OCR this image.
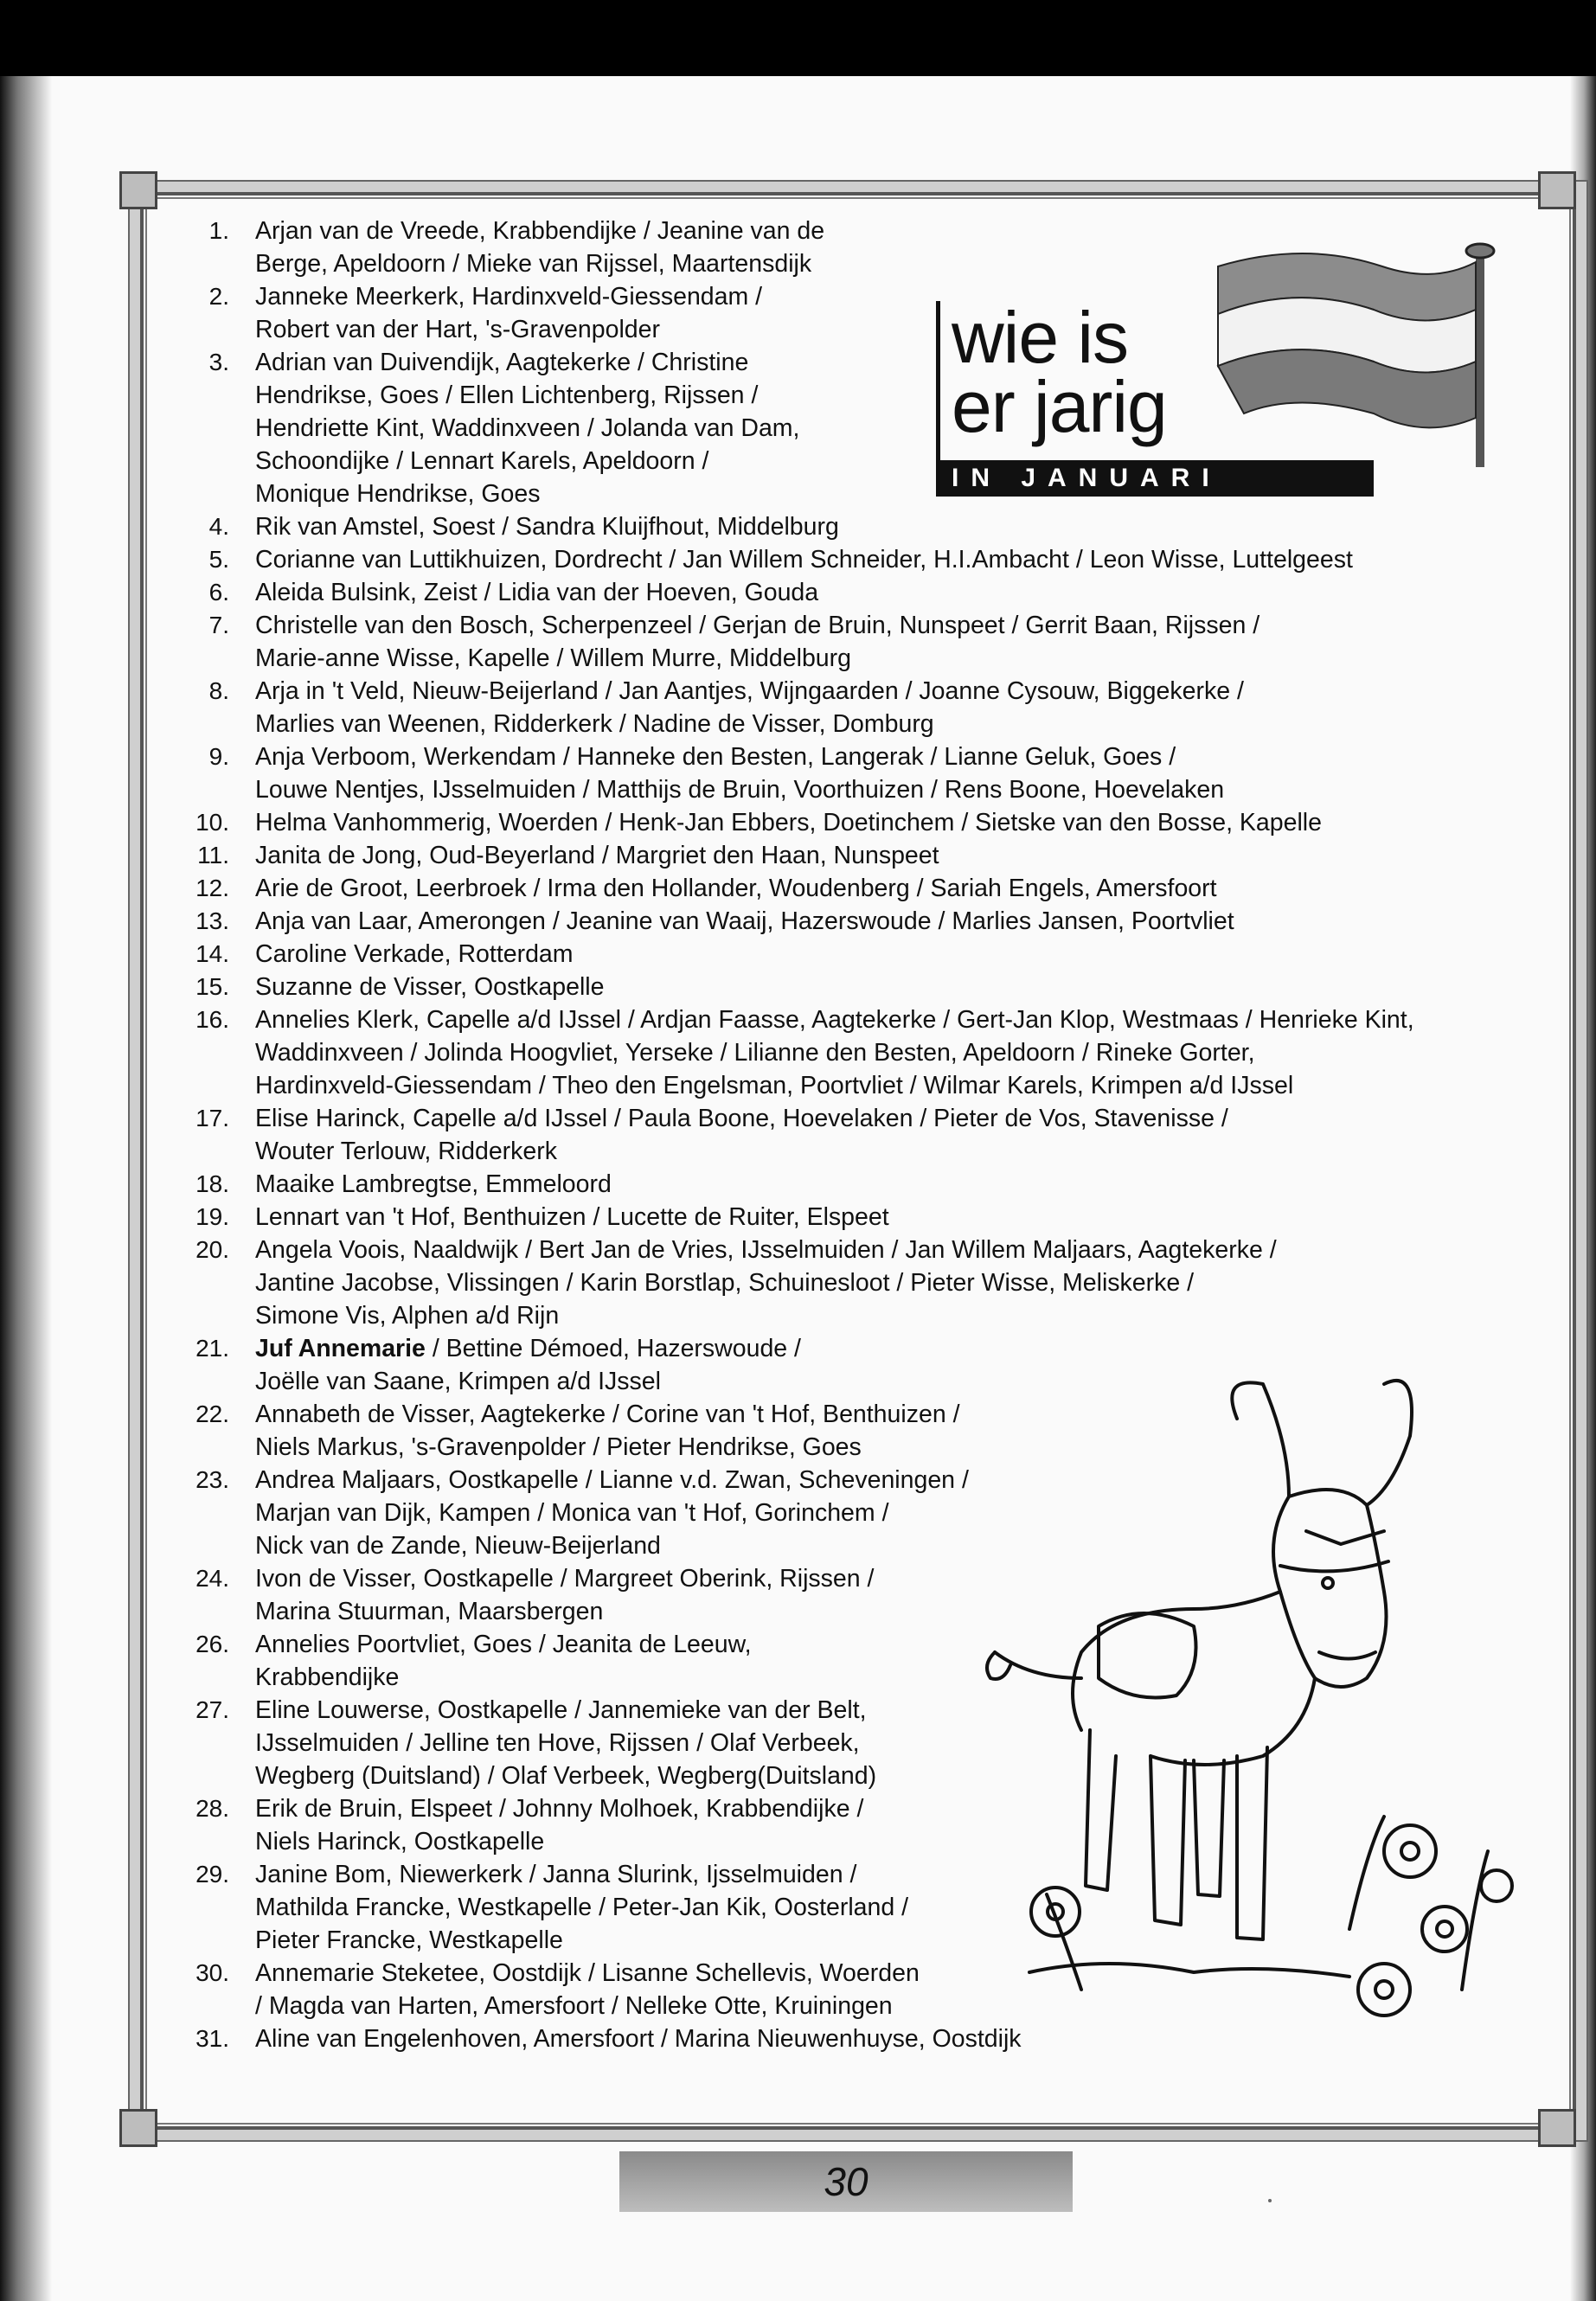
wie is
er jarig
IN JANUARI
1.	Arjan van de Vreede, Krabbendijke / Jeanine van de
Berge, Apeldoorn / Mieke van Rijssel, Maartensdijk
2.	Janneke Meerkerk, Hardinxveld-Giessendam /
Robert van der Hart, 's-Gravenpolder
3.	Adrian van Duivendijk, Aagtekerke / Christine
Hendrikse, Goes / Ellen Lichtenberg, Rijssen /
Hendriette Kint, Waddinxveen / Jolanda van Dam,
Schoondijke / Lennart Karels, Apeldoorn /
Monique Hendrikse, Goes
4.	Rik van Amstel, Soest / Sandra Kluijfhout, Middelburg
5.	Corianne van Luttikhuizen, Dordrecht / Jan Willem Schneider, H.I.Ambacht / Leon Wisse, Luttelgeest
6.	Aleida Bulsink, Zeist / Lidia van der Hoeven, Gouda
7.	Christelle van den Bosch, Scherpenzeel / Gerjan de Bruin, Nunspeet / Gerrit Baan, Rijssen /
Marie-anne Wisse, Kapelle / Willem Murre, Middelburg
8.	Arja in 't Veld, Nieuw-Beijerland / Jan Aantjes, Wijngaarden / Joanne Cysouw, Biggekerke /
Marlies van Weenen, Ridderkerk / Nadine de Visser, Domburg
9.	Anja Verboom, Werkendam / Hanneke den Besten, Langerak / Lianne Geluk, Goes /
Louwe Nentjes, IJsselmuiden / Matthijs de Bruin, Voorthuizen / Rens Boone, Hoevelaken
10.	Helma Vanhommerig, Woerden / Henk-Jan Ebbers, Doetinchem / Sietske van den Bosse, Kapelle
11.	Janita de Jong, Oud-Beyerland / Margriet den Haan, Nunspeet
12.	Arie de Groot, Leerbroek / Irma den Hollander, Woudenberg / Sariah Engels, Amersfoort
13.	Anja van Laar, Amerongen / Jeanine van Waaij, Hazerswoude / Marlies Jansen, Poortvliet
14.	Caroline Verkade, Rotterdam
15.	Suzanne de Visser, Oostkapelle
16.	Annelies Klerk, Capelle a/d IJssel / Ardjan Faasse, Aagtekerke / Gert-Jan Klop, Westmaas / Henrieke Kint,
Waddinxveen / Jolinda Hoogvliet, Yerseke / Lilianne den Besten, Apeldoorn / Rineke Gorter,
Hardinxveld-Giessendam / Theo den Engelsman, Poortvliet / Wilmar Karels, Krimpen a/d IJssel
17.	Elise Harinck, Capelle a/d IJssel / Paula Boone, Hoevelaken / Pieter de Vos, Stavenisse /
Wouter Terlouw, Ridderkerk
18.	Maaike Lambregtse, Emmeloord
19.	Lennart van 't Hof, Benthuizen / Lucette de Ruiter, Elspeet
20.	Angela Voois, Naaldwijk / Bert Jan de Vries, IJsselmuiden / Jan Willem Maljaars, Aagtekerke /
Jantine Jacobse, Vlissingen / Karin Borstlap, Schuinesloot / Pieter Wisse, Meliskerke /
Simone Vis, Alphen a/d Rijn
21.	Juf Annemarie / Bettine Démoed, Hazerswoude /
Joëlle van Saane, Krimpen a/d IJssel
22.	Annabeth de Visser, Aagtekerke / Corine van 't Hof, Benthuizen /
Niels Markus, 's-Gravenpolder / Pieter Hendrikse, Goes
23.	Andrea Maljaars, Oostkapelle / Lianne v.d. Zwan, Scheveningen /
Marjan van Dijk, Kampen / Monica van 't Hof, Gorinchem /
Nick van de Zande, Nieuw-Beijerland
24.	Ivon de Visser, Oostkapelle / Margreet Oberink, Rijssen /
Marina Stuurman, Maarsbergen
26.	Annelies Poortvliet, Goes / Jeanita de Leeuw,
Krabbendijke
27.	Eline Louwerse, Oostkapelle / Jannemieke van der Belt,
IJsselmuiden / Jelline ten Hove, Rijssen / Olaf Verbeek,
Wegberg (Duitsland) / Olaf Verbeek, Wegberg(Duitsland)
28.	Erik de Bruin, Elspeet / Johnny Molhoek, Krabbendijke /
Niels Harinck, Oostkapelle
29.	Janine Bom, Niewerkerk / Janna Slurink, Ijsselmuiden /
Mathilda Francke, Westkapelle / Peter-Jan Kik, Oosterland /
Pieter Francke, Westkapelle
30.	Annemarie Steketee, Oostdijk / Lisanne Schellevis, Woerden
/ Magda van Harten, Amersfoort / Nelleke Otte, Kruiningen
31.	Aline van Engelenhoven, Amersfoort / Marina Nieuwenhuyse, Oostdijk
30
